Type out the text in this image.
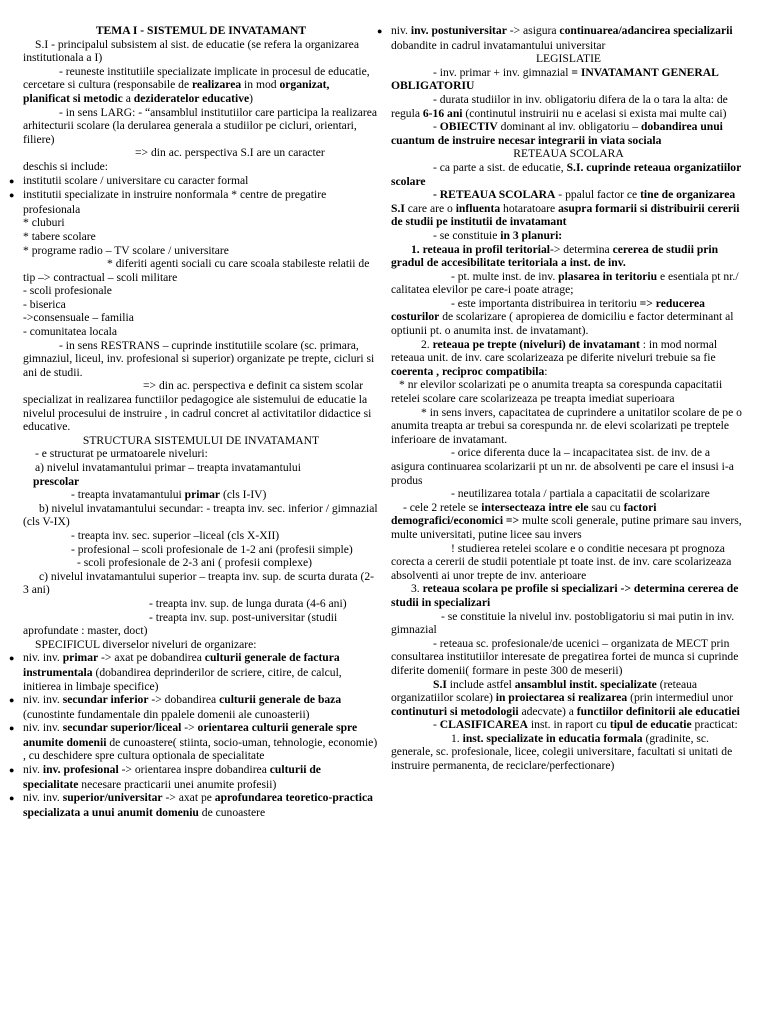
TEMA I - SISTEMUL DE INVATAMANT

S.I - principalul subsistem al sist. de educatie (se refera la organizarea institutionala a I)

- reuneste institutiile specializate implicate in procesul de educatie, cercetare si cultura (responsabile de realizarea in mod organizat, planificat si metodic a dezideratelor educative)

- in sens LARG: - “ansamblul institutiilor care participa la realizarea arhitecturii scolare (la derularea generala a studiilor pe cicluri, orientari, filiere)

=> din ac. perspectiva S.I are un caracter

deschis si include:

● institutii scolare / universitare cu caracter formal

● institutii specializate in instruire nonformala * centre de pregatire profesionala

* cluburi

* tabere scolare

* programe radio – TV scolare / universitare

* diferiti agenti sociali cu care scoala stabileste relatii de tip –> contractual – scoli militare

- scoli profesionale

- biserica

->consensuale – familia

- comunitatea locala

- in sens RESTRANS – cuprinde institutiile scolare (sc. primara, gimnaziul, liceul, inv. profesional si superior) organizate pe trepte, cicluri si ani de studii.

=> din ac. perspectiva e definit ca sistem scolar specializat in realizarea functiilor pedagogice ale sistemului de educatie la nivelul procesului de instruire , in cadrul concret al activitatilor didactice si educative.

STRUCTURA SISTEMULUI DE INVATAMANT

- e structurat pe urmatoarele niveluri:

a) nivelul invatamantului primar – treapta invatamantului

prescolar

- treapta invatamantului primar (cls I-IV)

b) nivelul invatamantului secundar: - treapta inv. sec. inferior / gimnazial (cls V-IX)

- treapta inv. sec. superior –liceal (cls X-XII)

- profesional – scoli profesionale de 1-2 ani (profesii simple)

- scoli profesionale de 2-3 ani ( profesii complexe)

c) nivelul invatamantului superior – treapta inv. sup. de scurta durata (2-3 ani)

- treapta inv. sup. de lunga durata (4-6 ani)

- treapta inv. sup. post-universitar (studii aprofundate : master, doct)

SPECIFICUL diverselor niveluri de organizare:

● niv. inv. primar -> axat pe dobandirea culturii generale de factura instrumentala (dobandirea deprinderilor de scriere, citire, de calcul, initierea in limbaje specifice)

● niv. inv. secundar inferior -> dobandirea culturii generale de baza (cunostinte fundamentale din ppalele domenii ale cunoasterii)

● niv. inv. secundar superior/liceal -> orientarea culturii generale spre anumite domenii de cunoastere( stiinta, socio-uman, tehnologie, economie) , cu deschidere spre cultura optionala de specialitate

● niv. inv. profesional -> orientarea inspre dobandirea culturii de specialitate necesare practicarii unei anumite profesii)

● niv. inv. superior/universitar -> axat pe aprofundarea teoretico-practica specializata a unui anumit domeniu de cunoastere

● niv. inv. postuniversitar -> asigura continuarea/adancirea specializarii dobandite in cadrul invatamantului universitar

LEGISLATIE

- inv. primar + inv. gimnazial = INVATAMANT GENERAL OBLIGATORIU

- durata studiilor in inv. obligatoriu difera de la o tara la alta: de regula 6-16 ani (continutul instruirii nu e acelasi si exista mai multe cai)

- OBIECTIV dominant al inv. obligatoriu – dobandirea unui cuantum de instruire necesar integrarii in viata sociala

RETEAUA SCOLARA

- ca parte a sist. de educatie, S.I. cuprinde reteaua organizatiilor scolare

- RETEAUA SCOLARA - ppalul factor ce tine de organizarea S.I care are o influenta hotaratoare asupra formarii si distribuirii cererii de studii pe institutii de invatamant

- se constituie in 3 planuri:

1. reteaua in profil teritorial-> determina cererea de studii prin gradul de accesibilitate teritoriala a inst. de inv.

- pt. multe inst. de inv. plasarea in teritoriu e esentiala pt nr./ calitatea elevilor pe care-i poate atrage;

- este importanta distribuirea in teritoriu => reducerea costurilor de scolarizare ( apropierea de domiciliu e factor determinant al optiunii pt. o anumita inst. de invatamant).

2. reteaua pe trepte (niveluri) de invatamant : in mod normal reteaua unit. de inv. care scolarizeaza pe diferite niveluri trebuie sa fie coerenta , reciproc compatibila:

* nr elevilor scolarizati pe o anumita treapta sa corespunda capacitatii retelei scolare care scolarizeaza pe treapta imediat superioara

* in sens invers, capacitatea de cuprindere a unitatilor scolare de pe o anumita treapta ar trebui sa corespunda nr. de elevi scolarizati pe treptele inferioare de invatamant.

- orice diferenta duce la – incapacitatea sist. de inv. de a asigura continuarea scolarizarii pt un nr. de absolventi pe care el insusi i-a produs

- neutilizarea totala / partiala a capacitatii de scolarizare

- cele 2 retele se intersecteaza intre ele sau cu factori demografici/economici => multe scoli generale, putine primare sau invers, multe universitati, putine licee sau invers

! studierea retelei scolare e o conditie necesara pt prognoza corecta a cererii de studii potentiale pt toate inst. de inv. care scolarizeaza absolventi ai unor trepte de inv. anterioare

3. reteaua scolara pe profile si specializari -> determina cererea de studii in specializari

- se constituie la nivelul inv. postobligatoriu si mai putin in inv. gimnazial

- reteaua sc. profesionale/de ucenici – organizata de MECT prin consultarea institutiilor interesate de pregatirea fortei de munca si cuprinde diferite domenii( formare in peste 300 de meserii)

S.I include astfel ansamblul instit. specializate (reteaua organizatiilor scolare) in proiectarea si realizarea (prin intermediul unor continuturi si metodologii adecvate) a functiilor definitorii ale educatiei

- CLASIFICAREA inst. in raport cu tipul de educatie practicat:

1. inst. specializate in educatia formala (gradinite, sc. generale, sc. profesionale, licee, colegii universitare, facultati si unitati de instruire permanenta, de reciclare/perfectionare)
